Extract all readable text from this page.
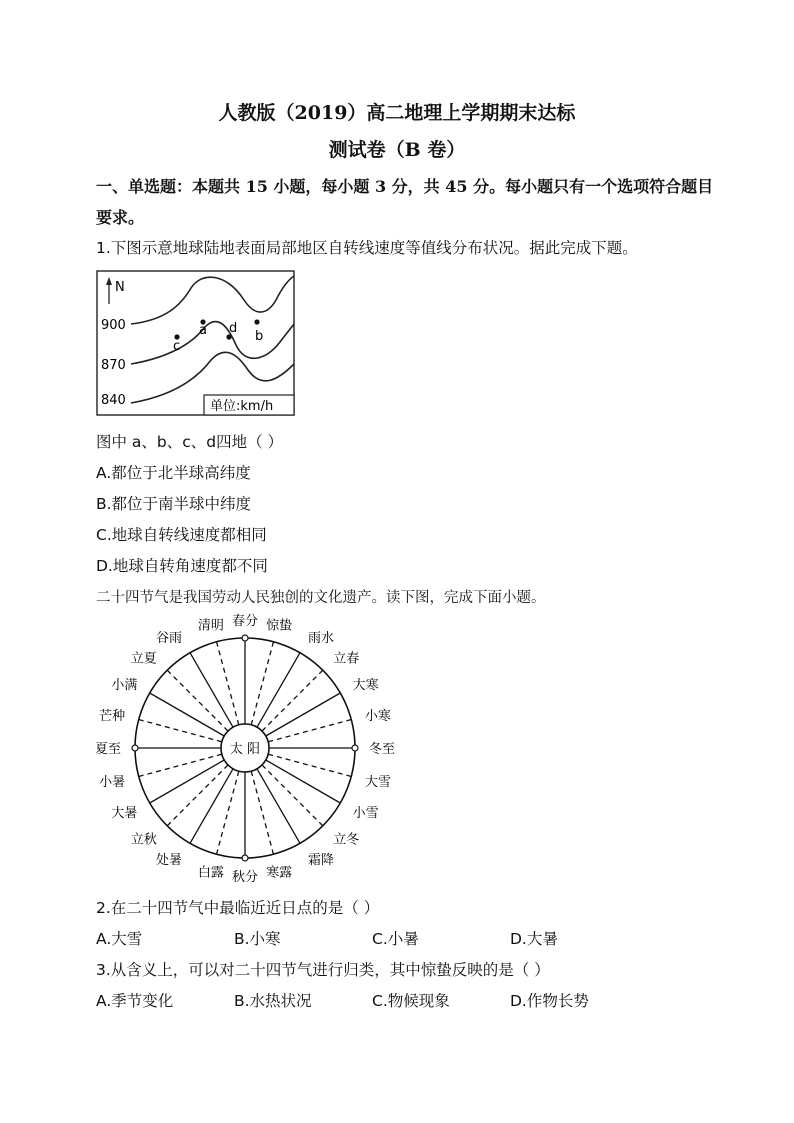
人教版（2019）高二地理上学期期末达标
测试卷（B 卷）
一、单选题：本题共 15 小题，每小题 3 分，共 45 分。每小题只有一个选项符合题目
要求。
1.下图示意地球陆地表面局部地区自转线速度等值线分布状况。据此完成下题。
N
900
870
840
a	b
c
d
单位:km/h
图中 a、b、c、d四地（ ）
A.都位于北半球高纬度
B.都位于南半球中纬度
C.地球自转线速度都相同
D.地球自转角速度都不同
二十四节气是我国劳动人民独创的文化遗产。读下图，完成下面小题。
太 阳
春分 惊蛰
雨水
立春
大寒
小寒
冬至
大雪
小雪
立冬
霜降
寒露
秋分
白露
处暑
立秋
大暑
小暑
夏至
芒种
小满
立夏
谷雨
清明
2.在二十四节气中最临近近日点的是（ ）
A.大雪	B.小寒	C.小暑	D.大暑
3.从含义上，可以对二十四节气进行归类，其中惊蛰反映的是（ ）
A.季节变化	B.水热状况	C.物候现象	D.作物长势
